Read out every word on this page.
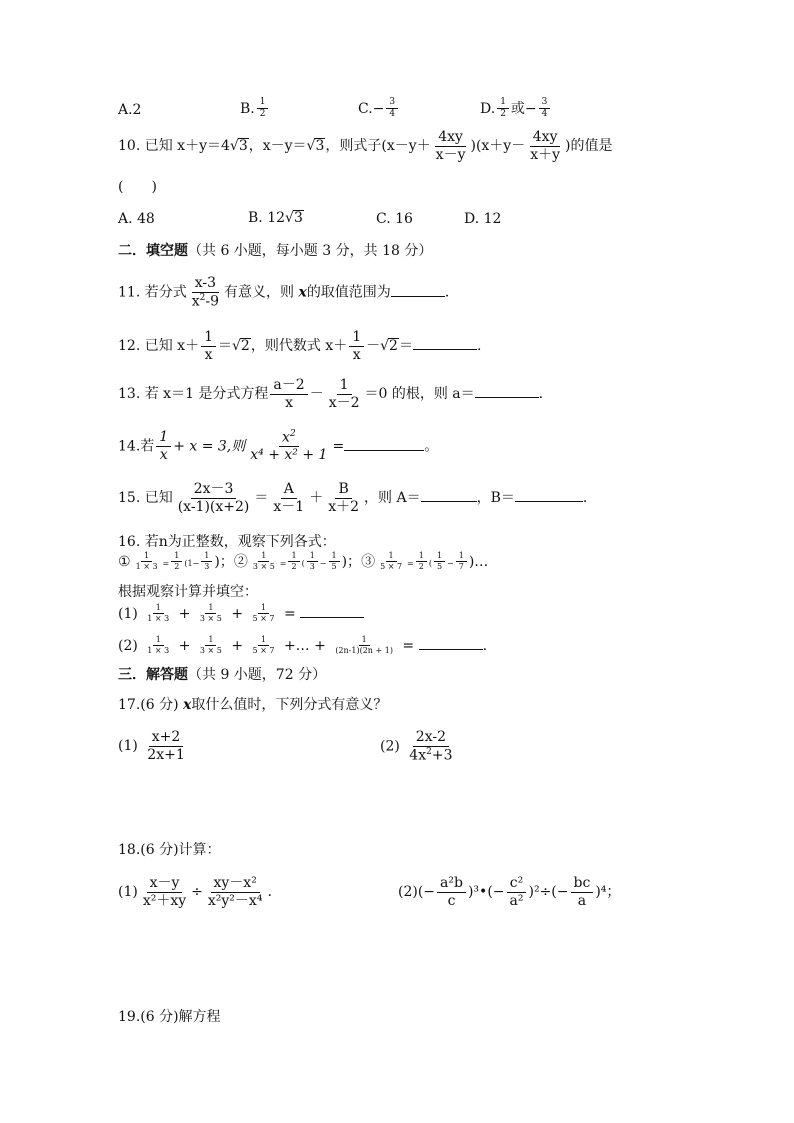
A.2	B. $\frac{1}{2}$	$C.- \frac{3}{4}$	D. $\frac{1}{2}$ 或− $\frac{3}{4}$
10. 已知 x＋y＝4√3，x－y＝√3，则式子$(x-y+ \frac{4xy}{x-y} )(x+y- \frac{4xy}{x+y}$ )的值是
(　　)
A. 48	B. 12√3	C. 16	D. 12
二．填空题（共 6 小题，每小题 3 分，共 18 分）
11. 若分式 $\frac{x-3}{x^2-9}$ 有意义，则 x的取值范围为	.
12. 已知 $x+ \frac{1}{x} =√2$，则代数式 $x+ \frac{1}{x} -√2=$	.
13. 若 x＝1 是分式方程 $\frac{a-2}{x} - \frac{1}{x-2} =0$ 的根，则 a＝	.
14.若 $\frac{1}{x} + x = 3$,则 $\frac{x^2}{\text{x⁴ + x² + 1}}$ =	。
15. 已知 $\frac{2x-3}{(x-1)(x+2)} = \frac{A}{x-1} + \frac{B}{x+2}$ ，则 A＝	，B＝	.
16. 若n为正整数，观察下列各式：
① $\frac{1}{1 \times 3} = \frac{1}{2} (1- \frac{1}{3}$ )；② $\frac{1}{3 \times 5} = \frac{1}{2}$ ( $\frac{1}{3} - \frac{1}{5}$ )；③ $\frac{1}{5 \times 7} = \frac{1}{2}$ ( $\frac{1}{5} - \frac{1}{7}$ )…
根据观察计算并填空：
$(1) \frac{1}{1 \times 3} + \frac{1}{3 \times 5} + \frac{1}{5 \times 7}$ =
$(2) \frac{1}{1 \times 3} + \frac{1}{3 \times 5} + \frac{1}{5 \times 7}$ +… + $\frac{1}{(2n-1)(2n + 1)}$ =	.
三．解答题（共 9 小题，72 分）
17.(6 分) x取什么值时，下列分式有意义？
$(1) \frac{x+2}{2x+1}$	$(2) \frac{2x-2}{4x^2+3}$
18.(6 分)计算：
$(1) \frac{x-y}{\text{x²＋xy}} \div \frac{\text{xy－x²}}{\text{x²y²－x⁴}}$ .	$(2)(- \frac{\text{a²b}}{c}$ )³•(− $\frac{\text{c²}}{\text{a²}} )^2\div(- \frac{bc}{a} )^4$；
19.(6 分)解方程
